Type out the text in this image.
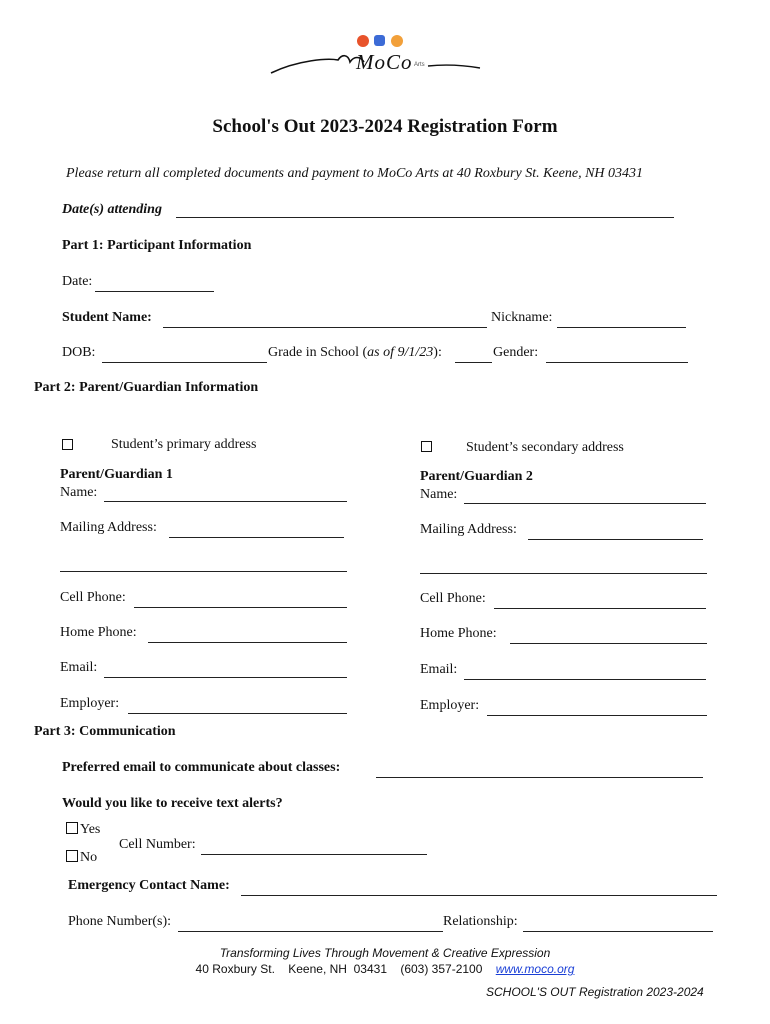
MoCo Arts
School's Out 2023-2024 Registration Form
Please return all completed documents and payment to MoCo Arts at 40 Roxbury St. Keene, NH 03431
Date(s) attending
Part 1: Participant Information
Date:
Student Name:	Nickname:
DOB:	Grade in School (as of 9/1/23):	Gender:
Part 2: Parent/Guardian Information
Student’s primary address	Student’s secondary address
Parent/Guardian 1	Parent/Guardian 2
Name:
Mailing Address:
Cell Phone:
Home Phone:
Email:
Employer:
Name:
Mailing Address:
Cell Phone:
Home Phone:
Email:
Employer:
Part 3: Communication
Preferred email to communicate about classes:
Would you like to receive text alerts?
Yes
No
Cell Number:
Emergency Contact Name:
Phone Number(s):	Relationship:
Transforming Lives Through Movement & Creative Expression
40 Roxbury St.    Keene, NH  03431    (603) 357-2100 www.moco.org
SCHOOL'S OUT Registration 2023-2024
